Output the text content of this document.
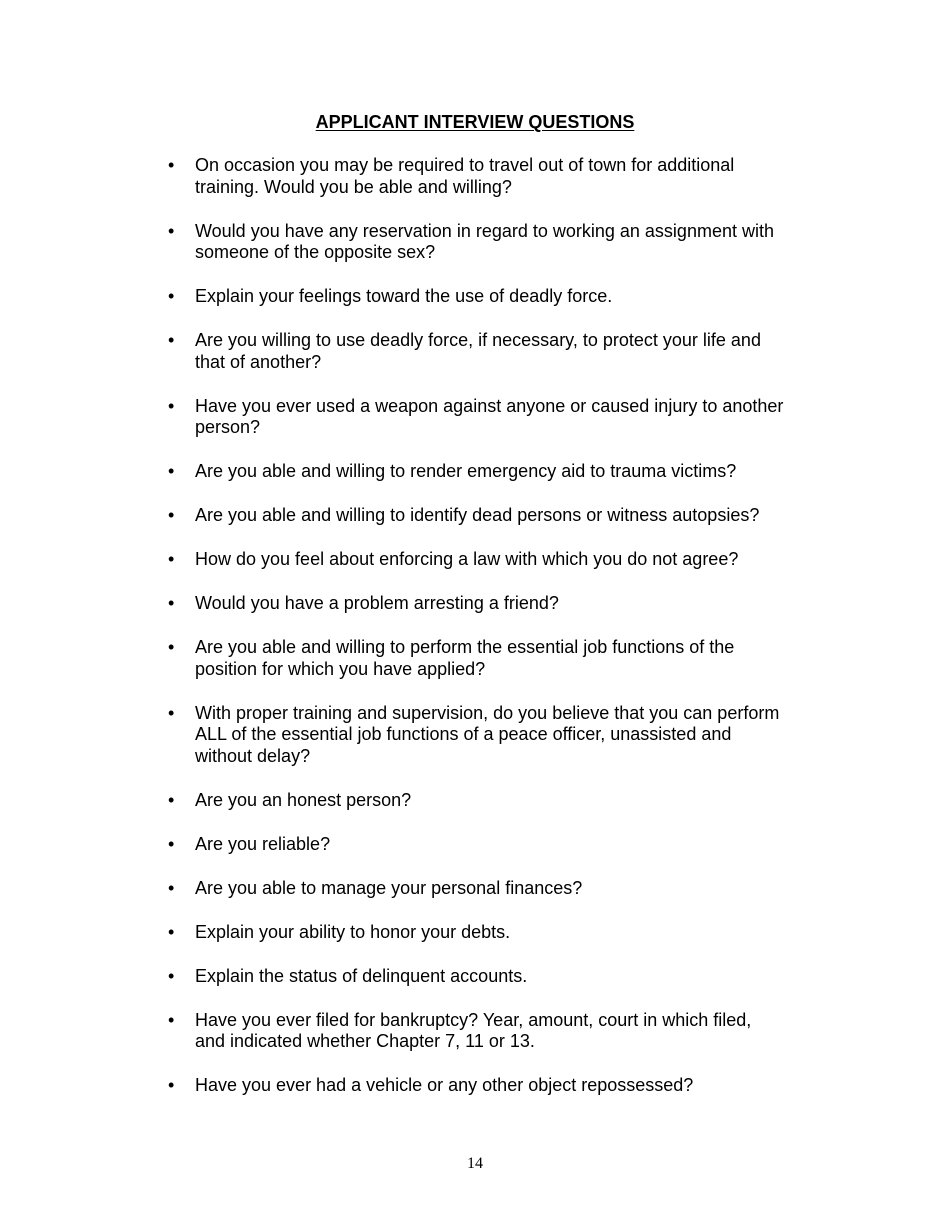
APPLICANT INTERVIEW QUESTIONS
•	On occasion you may be required to travel out of town for additional
training. Would you be able and willing?
•	Would you have any reservation in regard to working an assignment with
someone of the opposite sex?
•	Explain your feelings toward the use of deadly force.
•	Are you willing to use deadly force, if necessary, to protect your life and
that of another?
•	Have you ever used a weapon against anyone or caused injury to another
person?
•	Are you able and willing to render emergency aid to trauma victims?
•	Are you able and willing to identify dead persons or witness autopsies?
•	How do you feel about enforcing a law with which you do not agree?
•	Would you have a problem arresting a friend?
•	Are you able and willing to perform the essential job functions of the
position for which you have applied?
•	With proper training and supervision, do you believe that you can perform
ALL of the essential job functions of a peace officer, unassisted and
without delay?
•	Are you an honest person?
•	Are you reliable?
•	Are you able to manage your personal finances?
•	Explain your ability to honor your debts.
•	Explain the status of delinquent accounts.
•	Have you ever filed for bankruptcy? Year, amount, court in which filed,
and indicated whether Chapter 7, 11 or 13.
•	Have you ever had a vehicle or any other object repossessed?
14
